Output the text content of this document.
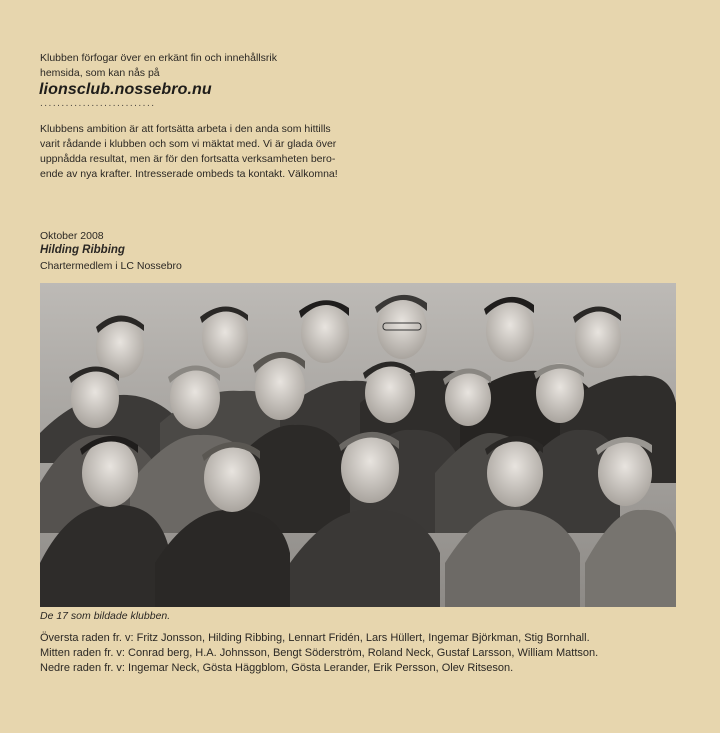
Klubben förfogar över en erkänt fin och innehållsrik
hemsida, som kan nås på
lionsclub.nossebro.nu
...........................
Klubbens ambition är att fortsätta arbeta i den anda som hittills
varit rådande i klubben och som vi mäktat med. Vi är glada över
uppnådda resultat, men är för den fortsatta verksamheten bero-
ende av nya krafter. Intresserade ombeds ta kontakt. Välkomna!
Oktober 2008
Hilding Ribbing
Chartermedlem i LC Nossebro
De 17 som bildade klubben.
Översta raden fr. v: Fritz Jonsson, Hilding Ribbing, Lennart Fridén, Lars Hüllert, Ingemar Björkman, Stig Bornhall.
Mitten raden fr. v: Conrad berg, H.A. Johnsson, Bengt Söderström, Roland Neck, Gustaf Larsson, William Mattson.
Nedre raden fr. v: Ingemar Neck, Gösta Häggblom, Gösta Lerander, Erik Persson, Olev Ritseson.
